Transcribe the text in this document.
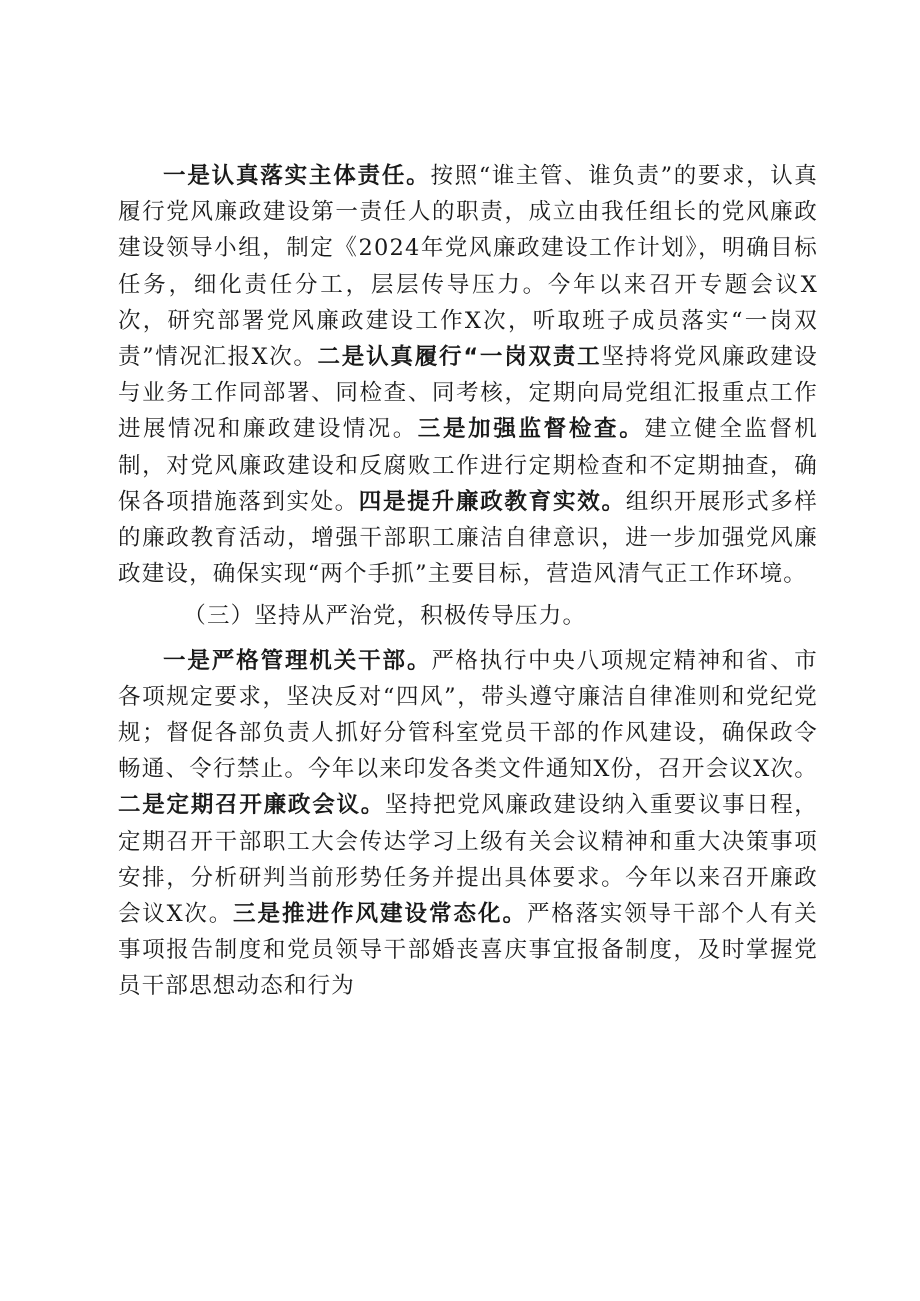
一是认真落实主体责任。按照“谁主管、谁负责”的要求，认真履行党风廉政建设第一责任人的职责，成立由我任组长的党风廉政建设领导小组，制定《2024年党风廉政建设工作计划》，明确目标任务，细化责任分工，层层传导压力。今年以来召开专题会议X次，研究部署党风廉政建设工作X次，听取班子成员落实“一岗双责”情况汇报X次。二是认真履行“一岗双责工坚持将党风廉政建设与业务工作同部署、同检查、同考核，定期向局党组汇报重点工作进展情况和廉政建设情况。三是加强监督检查。建立健全监督机制，对党风廉政建设和反腐败工作进行定期检查和不定期抽查，确保各项措施落到实处。四是提升廉政教育实效。组织开展形式多样的廉政教育活动，增强干部职工廉洁自律意识，进一步加强党风廉政建设，确保实现“两个手抓”主要目标，营造风清气正工作环境。

（三）坚持从严治党，积极传导压力。

一是严格管理机关干部。严格执行中央八项规定精神和省、市各项规定要求，坚决反对“四风”，带头遵守廉洁自律准则和党纪党规；督促各部负责人抓好分管科室党员干部的作风建设，确保政令畅通、令行禁止。今年以来印发各类文件通知X份，召开会议X次。二是定期召开廉政会议。坚持把党风廉政建设纳入重要议事日程，定期召开干部职工大会传达学习上级有关会议精神和重大决策事项安排，分析研判当前形势任务并提出具体要求。今年以来召开廉政会议X次。三是推进作风建设常态化。严格落实领导干部个人有关事项报告制度和党员领导干部婚丧喜庆事宜报备制度，及时掌握党员干部思想动态和行为
